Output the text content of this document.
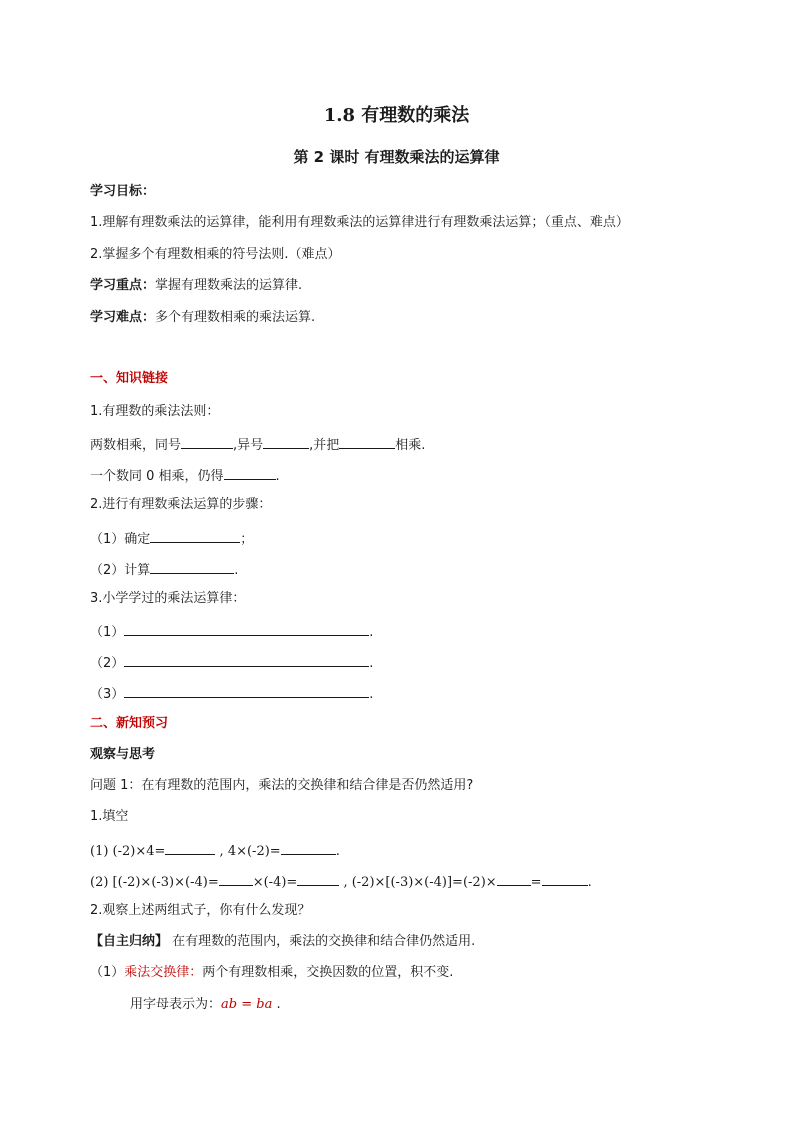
1.8 有理数的乘法
第 2 课时 有理数乘法的运算律
学习目标：
1.理解有理数乘法的运算律，能利用有理数乘法的运算律进行有理数乘法运算；（重点、难点）
2.掌握多个有理数相乘的符号法则.（难点）
学习重点：掌握有理数乘法的运算律.
学习难点：多个有理数相乘的乘法运算.
一、知识链接
1.有理数的乘法法则：
两数相乘，同号	,异号	,并把	相乘.
一个数同 0 相乘，仍得	.
2.进行有理数乘法运算的步骤：
（1）确定	；
（2）计算	.
3.小学学过的乘法运算律：
（1）	.
（2）	.
（3）	.
二、新知预习
观察与思考
问题 1：在有理数的范围内，乘法的交换律和结合律是否仍然适用?
1.填空
(1) (-2)×4=	, 4×(-2)=	.
(2) [(-2)×(-3)×(-4)=	×(-4)=	, (-2)×[(-3)×(-4)]=(-2)×	=	.
2.观察上述两组式子，你有什么发现？
【自主归纳】 在有理数的范围内，乘法的交换律和结合律仍然适用.
（1）乘法交换律：两个有理数相乘，交换因数的位置，积不变.
用字母表示为：ab = ba .
